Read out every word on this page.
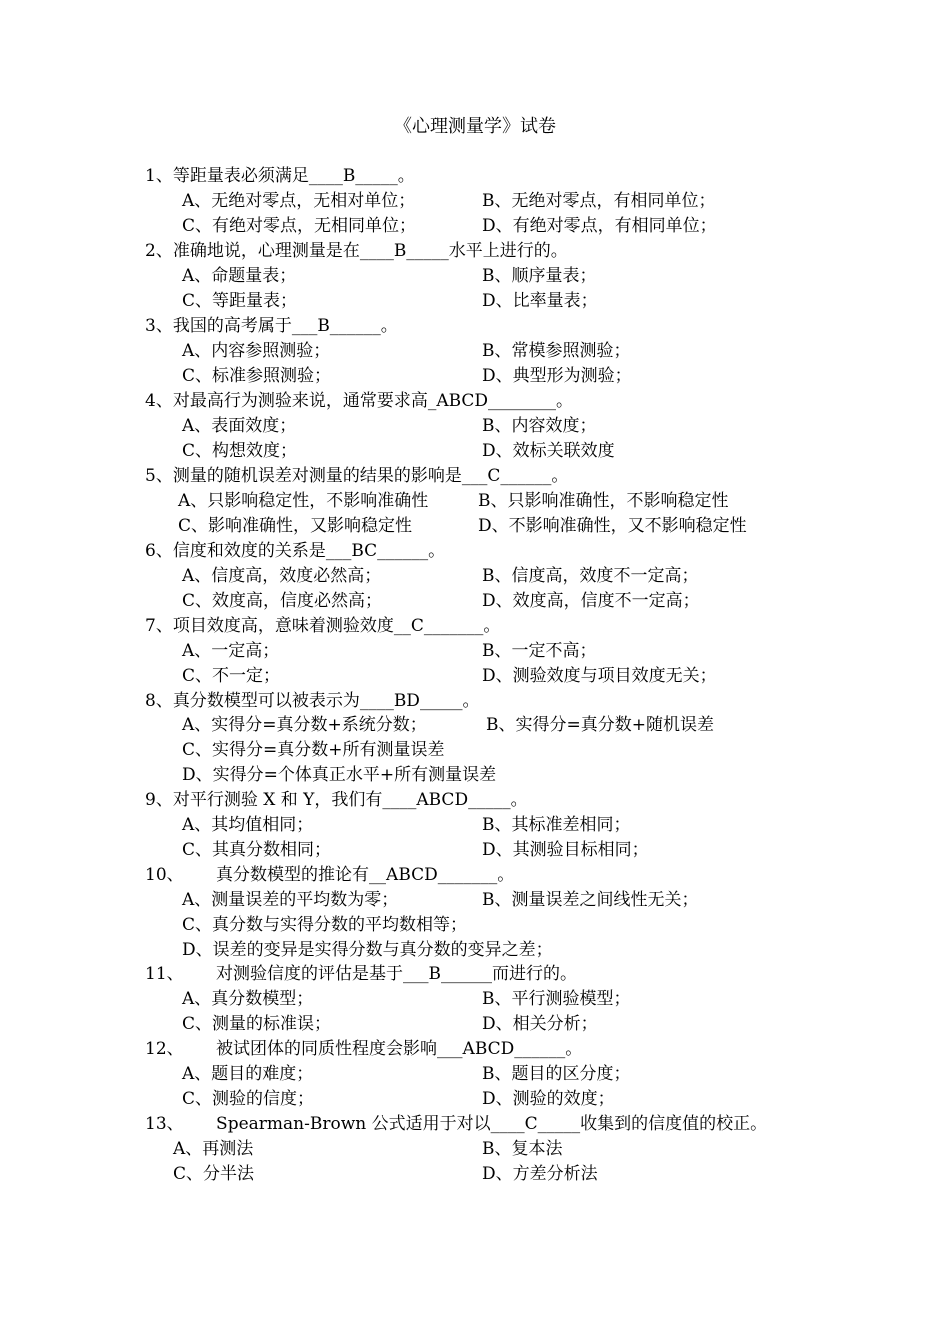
《心理测量学》试卷
1、等距量表必须满足____B_____。
A、无绝对零点，无相对单位；	B、无绝对零点，有相同单位；
C、有绝对零点，无相同单位；	D、有绝对零点，有相同单位；
2、准确地说，心理测量是在____B_____水平上进行的。
A、命题量表；	B、顺序量表；
C、等距量表；	D、比率量表；
3、我国的高考属于___B______。
A、内容参照测验；	B、常模参照测验；
C、标准参照测验；	D、典型形为测验；
4、对最高行为测验来说，通常要求高_ABCD________。
A、表面效度；	B、内容效度；
C、构想效度；	D、效标关联效度
5、测量的随机误差对测量的结果的影响是___C______。
A、只影响稳定性，不影响准确性	B、只影响准确性，不影响稳定性
C、影响准确性，又影响稳定性	D、不影响准确性，又不影响稳定性
6、信度和效度的关系是___BC______。
A、信度高，效度必然高；	B、信度高，效度不一定高；
C、效度高，信度必然高；	D、效度高，信度不一定高；
7、项目效度高，意味着测验效度__C_______。
A、一定高；	B、一定不高；
C、不一定；	D、测验效度与项目效度无关；
8、真分数模型可以被表示为____BD_____。
A、实得分=真分数+系统分数；	B、实得分=真分数+随机误差
C、实得分=真分数+所有测量误差
D、实得分=个体真正水平+所有测量误差
9、对平行测验 X 和 Y，我们有____ABCD_____。
A、其均值相同；	B、其标准差相同；
C、其真分数相同；	D、其测验目标相同；
10、      真分数模型的推论有__ABCD_______。
A、测量误差的平均数为零；	B、测量误差之间线性无关；
C、真分数与实得分数的平均数相等；
D、误差的变异是实得分数与真分数的变异之差；
11、      对测验信度的评估是基于___B______而进行的。
A、真分数模型；	B、平行测验模型；
C、测量的标准误；	D、相关分析；
12、      被试团体的同质性程度会影响___ABCD______。
A、题目的难度；	B、题目的区分度；
C、测验的信度；	D、测验的效度；
13、      Spearman-Brown 公式适用于对以____C_____收集到的信度值的校正。
A、再测法	B、复本法
C、分半法	D、方差分析法
